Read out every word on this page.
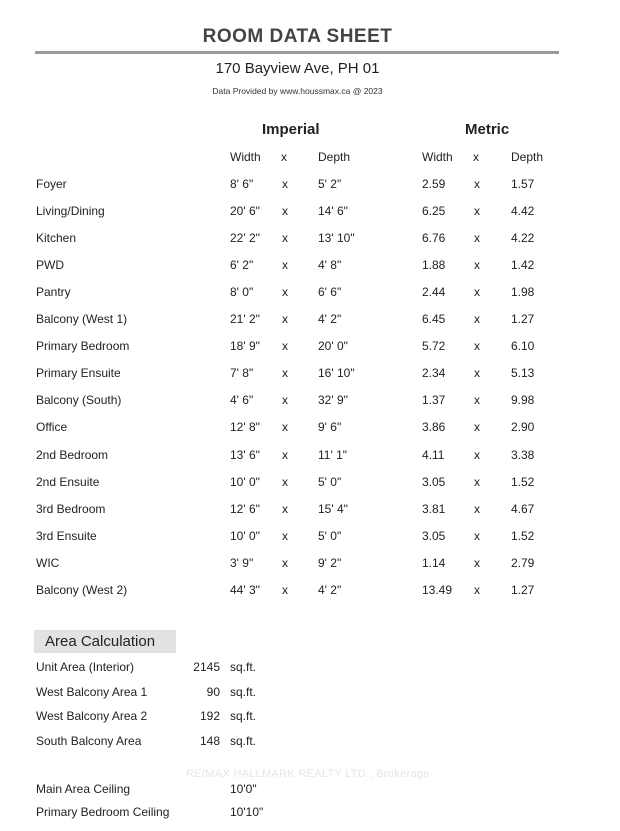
ROOM DATA SHEET
170 Bayview Ave, PH 01
Data Provided by www.houssmax.ca @ 2023
Imperial	Metric
Width x	Depth	Width x	Depth
Foyer	8' 6" x	5' 2"	2.59 x	1.57
Living/Dining	20' 6" x	14' 6"	6.25 x	4.42
Kitchen	22' 2" x	13' 10"	6.76 x	4.22
PWD	6' 2" x	4' 8"	1.88 x	1.42
Pantry	8' 0" x	6' 6"	2.44 x	1.98
Balcony (West 1)	21' 2" x	4' 2"	6.45 x	1.27
Primary Bedroom	18' 9" x	20' 0"	5.72 x	6.10
Primary Ensuite	7' 8" x	16' 10"	2.34 x	5.13
Balcony (South)	4' 6" x	32' 9"	1.37 x	9.98
Office	12' 8" x	9' 6"	3.86 x	2.90
2nd Bedroom	13' 6" x	11' 1"	4.11 x	3.38
2nd Ensuite	10' 0" x	5' 0"	3.05 x	1.52
3rd Bedroom	12' 6" x	15' 4"	3.81 x	4.67
3rd Ensuite	10' 0" x	5' 0"	3.05 x	1.52
WIC	3' 9" x	9' 2"	1.14 x	2.79
Balcony (West 2)	44' 3" x	4' 2"	13.49 x	1.27
Area Calculation
Unit Area (Interior)	2145 sq.ft.
West Balcony Area 1	90 sq.ft.
West Balcony Area 2	192 sq.ft.
South Balcony Area	148 sq.ft.
Main Area Ceiling	10'0"
Primary Bedroom Ceiling	10'10"
RE/MAX HALLMARK REALTY LTD., Brokerage
